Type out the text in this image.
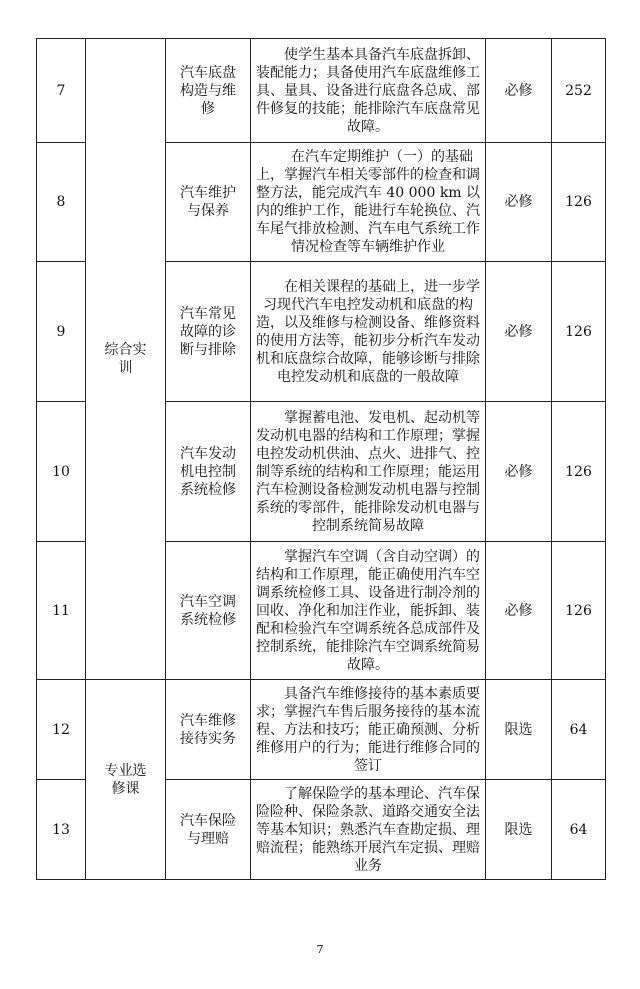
7	综合实训	汽车底盘构造与维修	使学生基本具备汽车底盘拆卸、装配能力；具备使用汽车底盘维修工具、量具、设备进行底盘各总成、部件修复的技能；能排除汽车底盘常见故障。	必修	252
8		汽车维护与保养	在汽车定期维护（一）的基础上，掌握汽车相关零部件的检查和调整方法，能完成汽车 40 000 km 以内的维护工作，能进行车轮换位、汽车尾气排放检测、汽车电气系统工作情况检查等车辆维护作业	必修	126
9		汽车常见故障的诊断与排除	在相关课程的基础上，进一步学习现代汽车电控发动机和底盘的构造，以及维修与检测设备、维修资料的使用方法等，能初步分析汽车发动机和底盘综合故障，能够诊断与排除电控发动机和底盘的一般故障	必修	126
10		汽车发动机电控制系统检修	掌握蓄电池、发电机、起动机等发动机电器的结构和工作原理；掌握电控发动机供油、点火、进排气、控制等系统的结构和工作原理；能运用汽车检测设备检测发动机电器与控制系统的零部件，能排除发动机电器与控制系统简易故障	必修	126
11		汽车空调系统检修	掌握汽车空调（含自动空调）的结构和工作原理，能正确使用汽车空调系统检修工具、设备进行制冷剂的回收、净化和加注作业，能拆卸、装配和检验汽车空调系统各总成部件及控制系统，能排除汽车空调系统简易故障。	必修	126
12	专业选修课	汽车维修接待实务	具备汽车维修接待的基本素质要求；掌握汽车售后服务接待的基本流程、方法和技巧；能正确预测、分析维修用户的行为；能进行维修合同的签订	限选	64
13		汽车保险与理赔	了解保险学的基本理论、汽车保险险种、保险条款、道路交通安全法等基本知识；熟悉汽车查勘定损、理赔流程；能熟练开展汽车定损、理赔业务	限选	64
7
